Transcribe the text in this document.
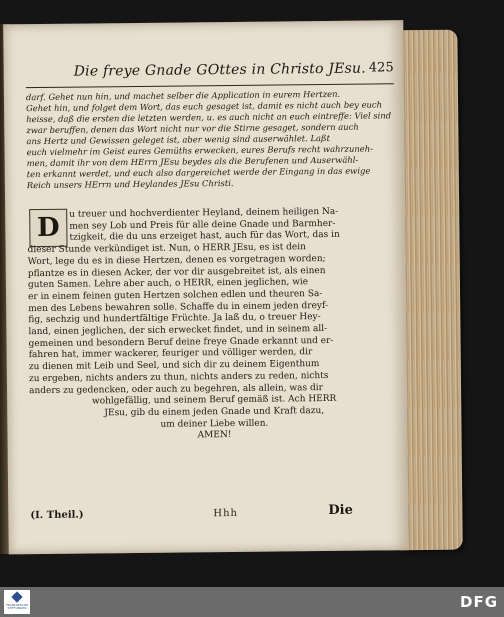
Die freye Gnade GOttes in Christo JEsu. 425
darf. Gehet nun hin, und machet selber die Application in eurem Hertzen.
Gehet hin, und folget dem Wort, das euch gesaget ist, damit es nicht auch bey euch
heisse, daß die ersten die letzten werden, u. es auch nicht an euch eintreffe: Viel sind
zwar beruffen, denen das Wort nicht nur vor die Stirne gesaget, sondern auch
ans Hertz und Gewissen geleget ist, aber wenig sind auserwählet. Laßt
euch vielmehr im Geist eures Gemüths erwecken, eures Berufs recht wahrzuneh-
men, damit ihr von dem HErrn JEsu beydes als die Berufenen und Auserwähl-
ten erkannt werdet, und euch also dargereichet werde der Eingang in das ewige
Reich unsers HErrn und Heylandes JEsu Christi.
D	u treuer und hochverdienter Heyland, deinem heiligen Na-
men sey Lob und Preis für alle deine Gnade und Barmher-
tzigkeit, die du uns erzeiget hast, auch für das Wort, das in
dieser Stunde verkündiget ist. Nun, o HERR JEsu, es ist dein
Wort, lege du es in diese Hertzen, denen es vorgetragen worden;
pflantze es in diesen Acker, der vor dir ausgebreitet ist, als einen
guten Samen. Lehre aber auch, o HERR, einen jeglichen, wie
er in einem feinen guten Hertzen solchen edlen und theuren Sa-
men des Lebens bewahren solle. Schaffe du in einem jeden dreyf-
fig, sechzig und hundertfältige Früchte. Ja laß du, o treuer Hey-
land, einen jeglichen, der sich erwecket findet, und in seinem all-
gemeinen und besondern Beruf deine freye Gnade erkannt und er-
fahren hat, immer wackerer, feuriger und völliger werden, dir
zu dienen mit Leib und Seel, und sich dir zu deinem Eigenthum
zu ergeben, nichts anders zu thun, nichts anders zu reden, nichts
anders zu gedencken, oder auch zu begehren, als allein, was dir
wohlgefällig, und seinem Beruf gemäß ist. Ach HERR
JEsu, gib du einem jeden Gnade und Kraft dazu,
um deiner Liebe willen.
AMEN!
(I. Theil.)	Hhh	Die
FRANCKESCHE STIFTUNGEN	DFG
